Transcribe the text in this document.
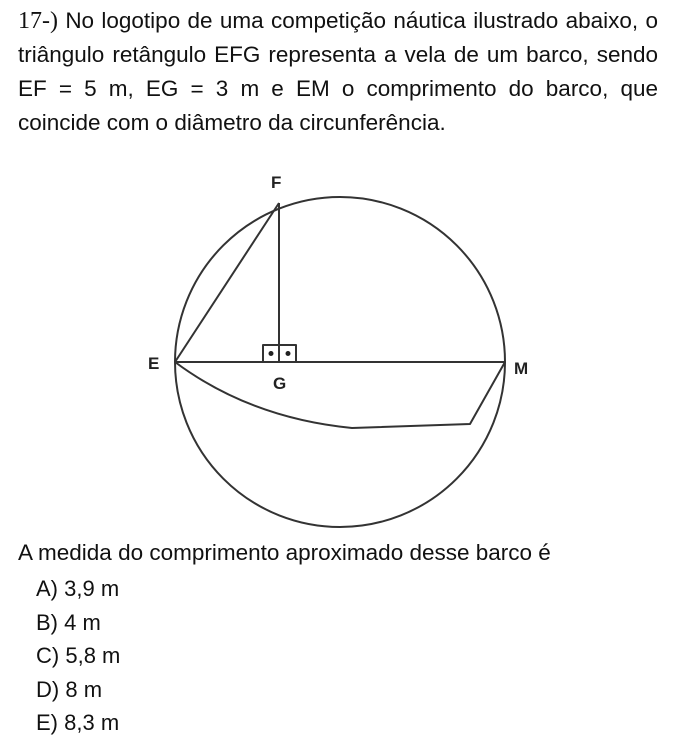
17-) No logotipo de uma competição náutica ilustrado abaixo, o triângulo retângulo EFG representa a vela de um barco, sendo EF = 5 m, EG = 3 m e EM o comprimento do barco, que coincide com o diâmetro da circunferência.
F
E	M
G
A medida do comprimento aproximado desse barco é
A) 3,9 m
B) 4 m
C) 5,8 m
D) 8 m
E) 8,3 m
